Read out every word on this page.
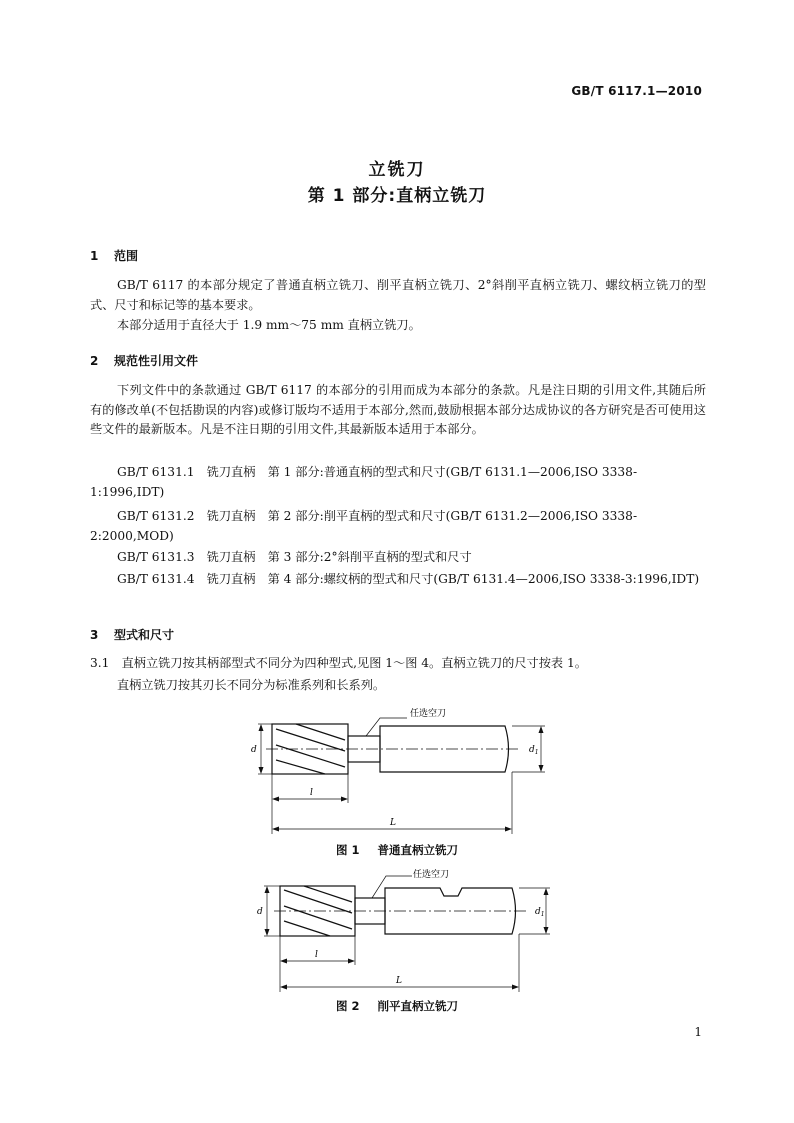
GB/T 6117.1—2010
立铣刀
第 1 部分:直柄立铣刀
1 范围
GB/T 6117 的本部分规定了普通直柄立铣刀、削平直柄立铣刀、2°斜削平直柄立铣刀、螺纹柄立铣刀的型式、尺寸和标记等的基本要求。
本部分适用于直径大于 1.9 mm～75 mm 直柄立铣刀。
2 规范性引用文件
下列文件中的条款通过 GB/T 6117 的本部分的引用而成为本部分的条款。凡是注日期的引用文件,其随后所有的修改单(不包括勘误的内容)或修订版均不适用于本部分,然而,鼓励根据本部分达成协议的各方研究是否可使用这些文件的最新版本。凡是不注日期的引用文件,其最新版本适用于本部分。
GB/T 6131.1　铣刀直柄　第 1 部分:普通直柄的型式和尺寸(GB/T 6131.1—2006,ISO 3338-1:1996,IDT)
GB/T 6131.2　铣刀直柄　第 2 部分:削平直柄的型式和尺寸(GB/T 6131.2—2006,ISO 3338-2:2000,MOD)
GB/T 6131.3　铣刀直柄　第 3 部分:2°斜削平直柄的型式和尺寸
GB/T 6131.4　铣刀直柄　第 4 部分:螺纹柄的型式和尺寸(GB/T 6131.4—2006,ISO 3338-3:1996,IDT)
3 型式和尺寸
3.1　直柄立铣刀按其柄部型式不同分为四种型式,见图 1～图 4。直柄立铣刀的尺寸按表 1。
直柄立铣刀按其刃长不同分为标准系列和长系列。
任选空刀
d	$d_1$
l
L
图 1 普通直柄立铣刀
任选空刀
d	$d_1$
l
L
图 2 削平直柄立铣刀
1
